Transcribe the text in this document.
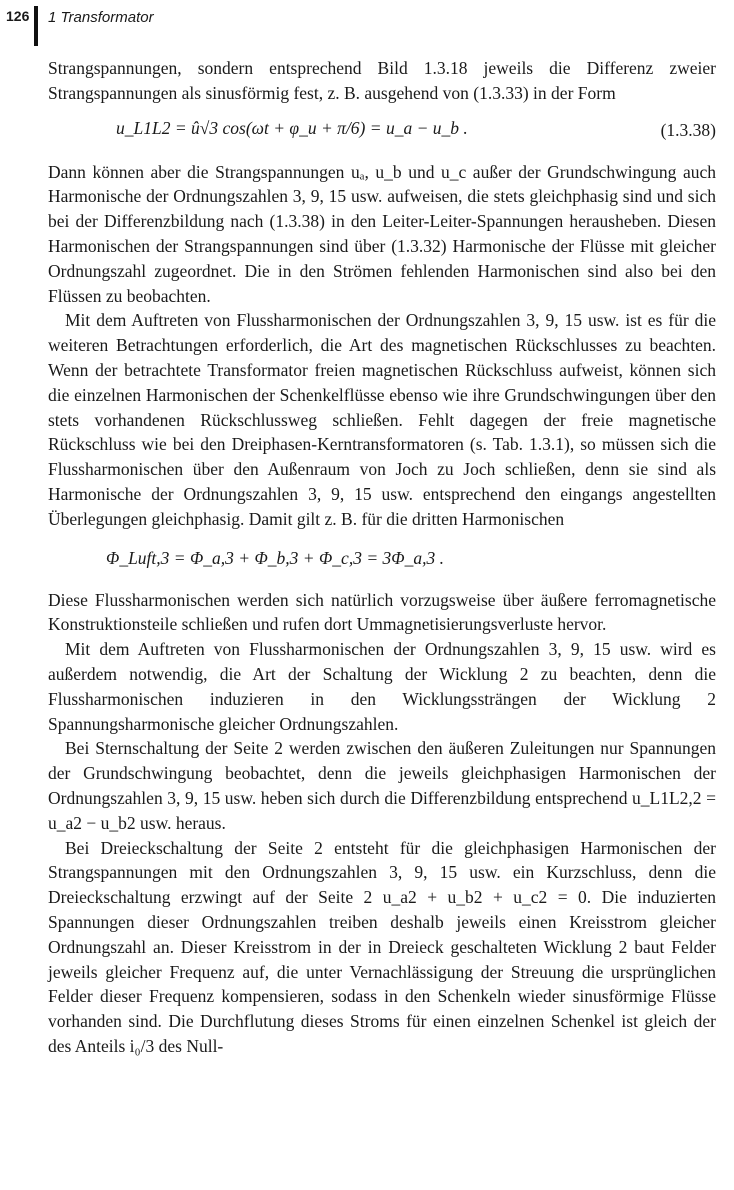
126 1 Transformator

Strangspannungen, sondern entsprechend Bild 1.3.18 jeweils die Differenz zweier Strangspannungen als sinusförmig fest, z. B. ausgehend von (1.3.33) in der Form

u_L1L2 = û√3 cos(ωt + φ_u + π/6) = u_a − u_b .	(1.3.38)

Dann können aber die Strangspannungen uₐ, u_b und u_c außer der Grundschwingung auch Harmonische der Ordnungszahlen 3, 9, 15 usw. aufweisen, die stets gleichphasig sind und sich bei der Differenzbildung nach (1.3.38) in den Leiter-Leiter-Spannungen herausheben. Diesen Harmonischen der Strangspannungen sind über (1.3.32) Harmonische der Flüsse mit gleicher Ordnungszahl zugeordnet. Die in den Strömen fehlenden Harmonischen sind also bei den Flüssen zu beobachten.

Mit dem Auftreten von Flussharmonischen der Ordnungszahlen 3, 9, 15 usw. ist es für die weiteren Betrachtungen erforderlich, die Art des magnetischen Rückschlusses zu beachten. Wenn der betrachtete Transformator freien magnetischen Rückschluss aufweist, können sich die einzelnen Harmonischen der Schenkelflüsse ebenso wie ihre Grundschwingungen über den stets vorhandenen Rückschlussweg schließen. Fehlt dagegen der freie magnetische Rückschluss wie bei den Dreiphasen-Kerntransformatoren (s. Tab. 1.3.1), so müssen sich die Flussharmonischen über den Außenraum von Joch zu Joch schließen, denn sie sind als Harmonische der Ordnungszahlen 3, 9, 15 usw. entsprechend den eingangs angestellten Überlegungen gleichphasig. Damit gilt z. B. für die dritten Harmonischen

Φ_Luft,3 = Φ_a,3 + Φ_b,3 + Φ_c,3 = 3Φ_a,3 .

Diese Flussharmonischen werden sich natürlich vorzugsweise über äußere ferromagnetische Konstruktionsteile schließen und rufen dort Ummagnetisierungsverluste hervor.

Mit dem Auftreten von Flussharmonischen der Ordnungszahlen 3, 9, 15 usw. wird es außerdem notwendig, die Art der Schaltung der Wicklung 2 zu beachten, denn die Flussharmonischen induzieren in den Wicklungssträngen der Wicklung 2 Spannungsharmonische gleicher Ordnungszahlen.

Bei Sternschaltung der Seite 2 werden zwischen den äußeren Zuleitungen nur Spannungen der Grundschwingung beobachtet, denn die jeweils gleichphasigen Harmonischen der Ordnungszahlen 3, 9, 15 usw. heben sich durch die Differenzbildung entsprechend u_L1L2,2 = u_a2 − u_b2 usw. heraus.

Bei Dreieckschaltung der Seite 2 entsteht für die gleichphasigen Harmonischen der Strangspannungen mit den Ordnungszahlen 3, 9, 15 usw. ein Kurzschluss, denn die Dreieckschaltung erzwingt auf der Seite 2 u_a2 + u_b2 + u_c2 = 0. Die induzierten Spannungen dieser Ordnungszahlen treiben deshalb jeweils einen Kreisstrom gleicher Ordnungszahl an. Dieser Kreisstrom in der in Dreieck geschalteten Wicklung 2 baut Felder jeweils gleicher Frequenz auf, die unter Vernachlässigung der Streuung die ursprünglichen Felder dieser Frequenz kompensieren, sodass in den Schenkeln wieder sinusförmige Flüsse vorhanden sind. Die Durchflutung dieses Stroms für einen einzelnen Schenkel ist gleich der des Anteils i₀/3 des Null-
